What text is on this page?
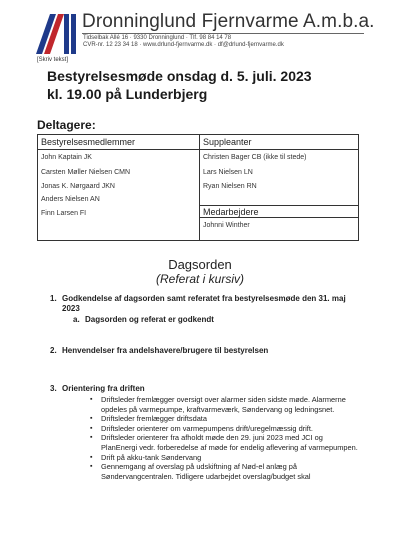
Dronninglund Fjernvarme A.m.b.a.
Tidselbak Allé 16 · 9330 Dronninglund · Tlf. 98 84 14 78
CVR-nr. 12 23 34 18 · www.drlund-fjernvarme.dk · df@drlund-fjernvarme.dk
[Skriv tekst]
Bestyrelsesmøde onsdag d. 5. juli. 2023
kl. 19.00 på Lunderbjerg
Deltagere:
Bestyrelsesmedlemmer	Suppleanter
John Kaptain JK
Carsten Møller Nielsen CMN
Jonas K. Nørgaard JKN
Anders Nielsen AN
Finn Larsen FI
Christen Bager CB (ikke til stede)
Lars Nielsen LN
Ryan Nielsen RN
Medarbejdere
Johnni Winther
Dagsorden
(Referat i kursiv)
1. Godkendelse af dagsorden samt referatet fra bestyrelsesmøde den 31. maj
2023
a. Dagsorden og referat er godkendt
2. Henvendelser fra andelshavere/brugere til bestyrelsen
3. Orientering fra driften
▪ Driftsleder fremlægger oversigt over alarmer siden sidste møde. Alarmerne opdeles på varmepumpe, kraftvarmeværk, Søndervang og ledningsnet.
▪ Driftsleder fremlægger driftsdata
▪ Driftsleder orienterer om varmepumpens drift/uregelmæssig drift.
▪ Driftsleder orienterer fra afholdt møde den 29. juni 2023 med JCI og PlanEnergi vedr. forberedelse af møde for endelig aflevering af varmepumpen.
▪ Drift på akku-tank Søndervang
▪ Gennemgang af overslag på udskiftning af Nød-el anlæg på Søndervangcentralen. Tidligere udarbejdet overslag/budget skal
